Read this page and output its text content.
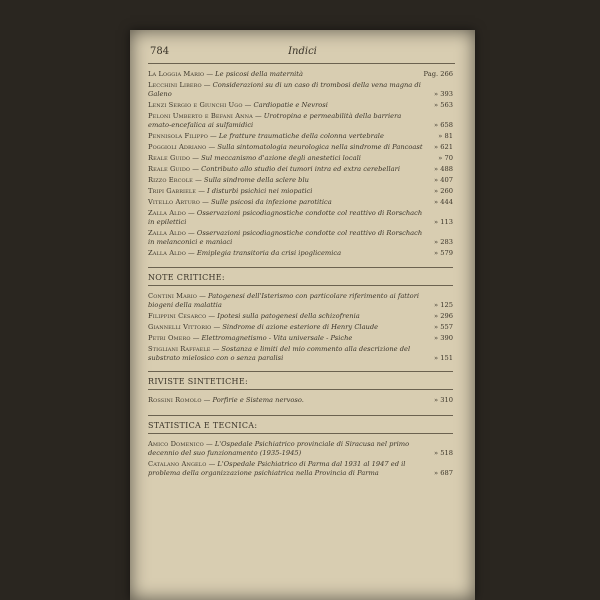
784	Indici
La Loggia Mario — Le psicosi della maternità	Pag. 266
Lecchini Libero — Considerazioni su di un caso di trombosi della vena magna di Galeno	» 393
Lenzi Sergio e Giunchi Ugo — Cardiopatie e Nevrosi	» 563
Peloni Umberto e Befani Anna — Urotropina e permeabilità della barriera emato-encefalica ai sulfamidici	» 658
Pennisola Filippo — Le fratture traumatiche della colonna vertebrale	» 81
Poggioli Adriano — Sulla sintomatologia neurologica nella sindrome di Pancoast » 621
Reale Guido — Sul meccanismo d'azione degli anestetici locali	» 70
Reale Guido — Contributo allo studio dei tumori intra ed extra cerebellari	» 488
Rizzo Ercole — Sulla sindrome della sclere blu	» 407
Tripi Gabriele — I disturbi psichici nei miopatici	» 260
Vitello Arturo — Sulle psicosi da infezione parotitica	» 444
Zalla Aldo — Osservazioni psicodiagnostiche condotte col reattivo di Rorschach in epilettici	» 113
Zalla Aldo — Osservazioni psicodiagnostiche condotte col reattivo di Rorschach in melanconici e maniaci	» 283
Zalla Aldo — Emiplegia transitoria da crisi ipoglicemica	» 579
NOTE CRITICHE:
Contini Mario — Patogenesi dell'Isterismo con particolare riferimento ai fattori biogeni della malattia	» 125
Filippini Cesarco — Ipotesi sulla patogenesi della schizofrenia	» 296
Giannelli Vittorio — Sindrome di azione esteriore di Henry Claude	» 557
Petri Omero — Elettromagnetismo - Vita universale - Psiche	» 390
Stigliani Raffaele — Sostanza e limiti del mio commento alla descrizione del substrato mielosico con o senza paralisi	» 151
RIVISTE SINTETICHE:
Rossini Romolo — Porfirie e Sistema nervoso.	» 310
STATISTICA E TECNICA:
Amico Domenico — L'Ospedale Psichiatrico provinciale di Siracusa nel primo decennio del suo funzionamento (1935-1945)	» 518
Catalano Angelo — L'Ospedale Psichiatrico di Parma dal 1931 al 1947 ed il problema della organizzazione psichiatrica nella Provincia di Parma	» 687
